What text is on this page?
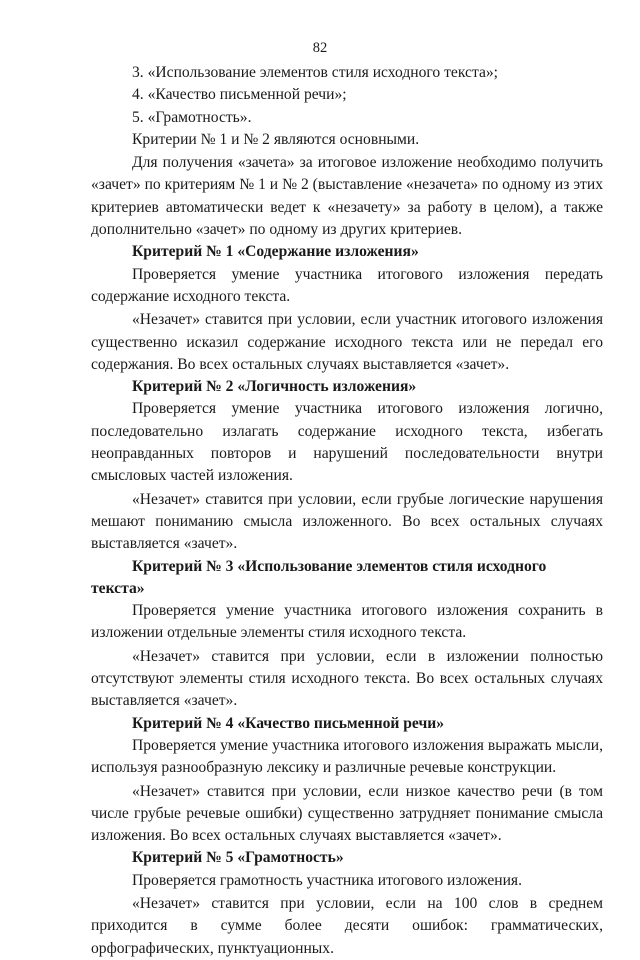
82

3. «Использование элементов стиля исходного текста»;

4. «Качество письменной речи»;

5. «Грамотность».

Критерии № 1 и № 2 являются основными.

Для получения «зачета» за итоговое изложение необходимо получить «зачет» по критериям № 1 и № 2 (выставление «незачета» по одному из этих критериев автоматически ведет к «незачету» за работу в целом), а также дополнительно «зачет» по одному из других критериев.

Критерий № 1 «Содержание изложения»

Проверяется умение участника итогового изложения передать содержание исходного текста.

«Незачет» ставится при условии, если участник итогового изложения существенно исказил содержание исходного текста или не передал его содержания. Во всех остальных случаях выставляется «зачет».

Критерий № 2 «Логичность изложения»

Проверяется умение участника итогового изложения логично, последовательно излагать содержание исходного текста, избегать неоправданных повторов и нарушений последовательности внутри смысловых частей изложения.

«Незачет» ставится при условии, если грубые логические нарушения мешают пониманию смысла изложенного. Во всех остальных случаях выставляется «зачет».

Критерий № 3 «Использование элементов стиля исходного текста»

Проверяется умение участника итогового изложения сохранить в изложении отдельные элементы стиля исходного текста.

«Незачет» ставится при условии, если в изложении полностью отсутствуют элементы стиля исходного текста. Во всех остальных случаях выставляется «зачет».

Критерий № 4 «Качество письменной речи»

Проверяется умение участника итогового изложения выражать мысли, используя разнообразную лексику и различные речевые конструкции.

«Незачет» ставится при условии, если низкое качество речи (в том числе грубые речевые ошибки) существенно затрудняет понимание смысла изложения. Во всех остальных случаях выставляется «зачет».

Критерий № 5 «Грамотность»

Проверяется грамотность участника итогового изложения.

«Незачет» ставится при условии, если на 100 слов в среднем приходится в сумме более десяти ошибок: грамматических, орфографических, пунктуационных.
